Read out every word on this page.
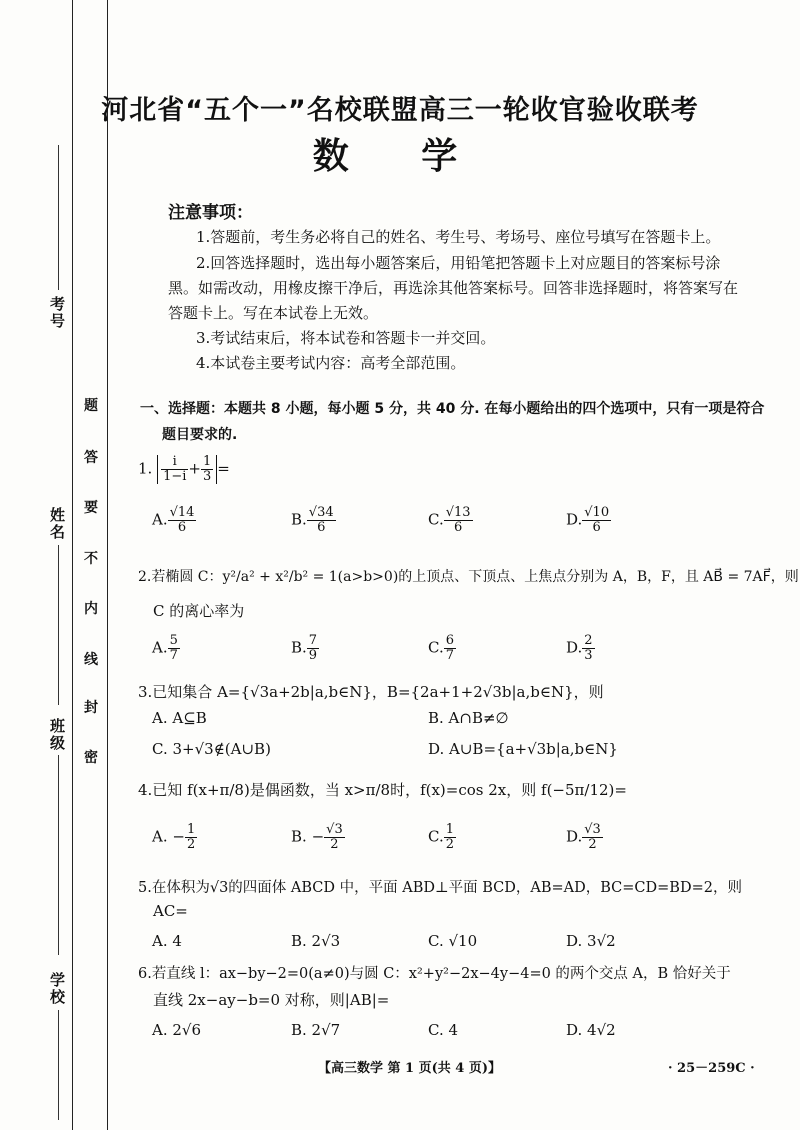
考号
姓名
班级
学校
题
答
要
不
内
线
封
密
河北省“五个一”名校联盟高三一轮收官验收联考
数 学
注意事项：
1.答题前，考生务必将自己的姓名、考生号、考场号、座位号填写在答题卡上。
2.回答选择题时，选出每小题答案后，用铅笔把答题卡上对应题目的答案标号涂
黑。如需改动，用橡皮擦干净后，再选涂其他答案标号。回答非选择题时，将答案写在
答题卡上。写在本试卷上无效。
3.考试结束后，将本试卷和答题卡一并交回。
4.本试卷主要考试内容：高考全部范围。
一、选择题：本题共 8 小题，每小题 5 分，共 40 分. 在每小题给出的四个选项中，只有一项是符合
题目要求的.
1. $\frac{i}{1-i} + \frac{1}{3}$ =
A. $\frac{√14}{6}$	B. $\frac{√34}{6}$	C. $\frac{√13}{6}$	D. $\frac{√10}{6}$
2.若椭圆 C：y²/a² + x²/b² = 1(a>b>0)的上顶点、下顶点、上焦点分别为 A，B，F，且 AB⃗ = 7AF⃗，则
C 的离心率为
A. $\frac{5}{7}$	B. $\frac{7}{9}$	C. $\frac{6}{7}$	D. $\frac{2}{3}$
3.已知集合 A={√3a+2b|a,b∈N}，B={2a+1+2√3b|a,b∈N}，则
A. A⊆B	B. A∩B≠∅
C. 3+√3∉(A∪B)	D. A∪B={a+√3b|a,b∈N}
4.已知 f(x+π/8)是偶函数，当 x>π/8时，f(x)=cos 2x，则 f(−5π/12)=
A. − $\frac{1}{2}$	B. − $\frac{√3}{2}$	C. $\frac{1}{2}$	D. $\frac{√3}{2}$
5.在体积为√3的四面体 ABCD 中，平面 ABD⊥平面 BCD，AB=AD，BC=CD=BD=2，则
AC=
A. 4	B. 2√3	C. √10	D. 3√2
6.若直线 l：ax−by−2=0(a≠0)与圆 C：x²+y²−2x−4y−4=0 的两个交点 A，B 恰好关于
直线 2x−ay−b=0 对称，则|AB|=
A. 2√6	B. 2√7	C. 4	D. 4√2
【高三数学 第 1 页(共 4 页)】	· 25－259C ·
